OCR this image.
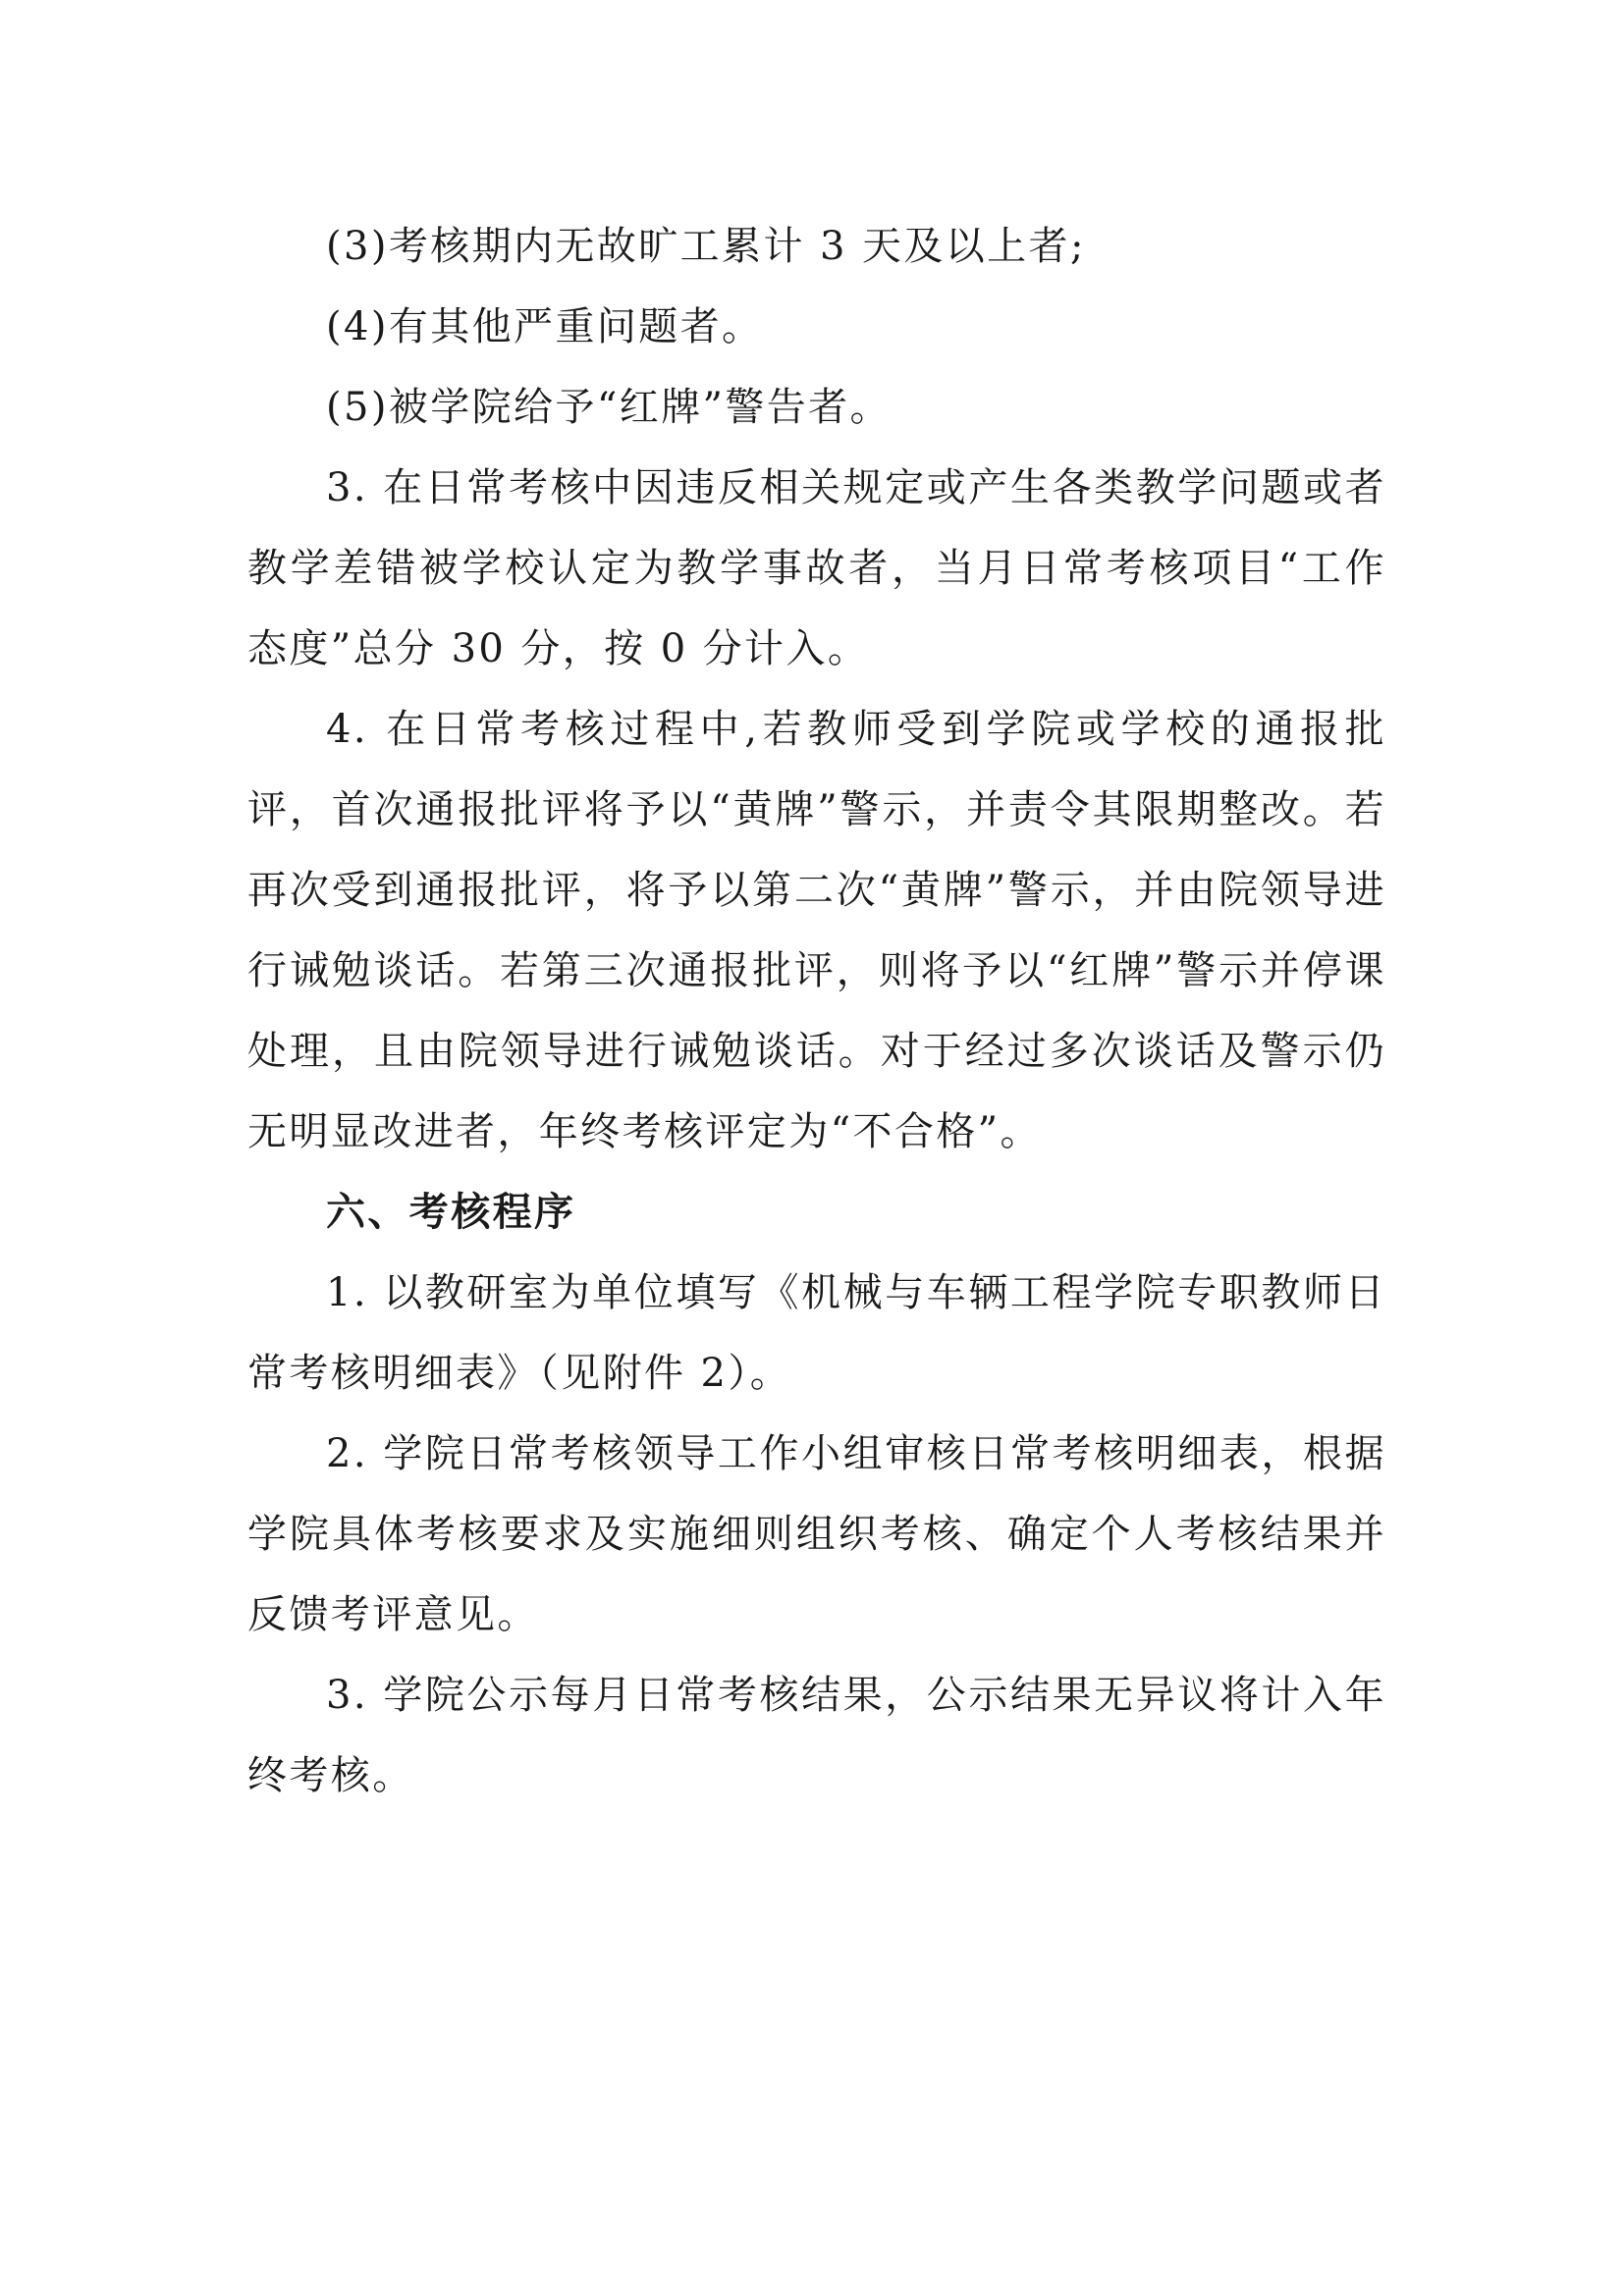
(3)考核期内无故旷工累计 3 天及以上者;

(4)有其他严重问题者。

(5)被学院给予“红牌”警告者。

3. 在日常考核中因违反相关规定或产生各类教学问题或者教学差错被学校认定为教学事故者，当月日常考核项目“工作态度”总分 30 分，按 0 分计入。

4. 在日常考核过程中,若教师受到学院或学校的通报批评，首次通报批评将予以“黄牌”警示，并责令其限期整改。若再次受到通报批评，将予以第二次“黄牌”警示，并由院领导进行诫勉谈话。若第三次通报批评，则将予以“红牌”警示并停课处理，且由院领导进行诫勉谈话。对于经过多次谈话及警示仍无明显改进者，年终考核评定为“不合格”。

六、考核程序

1. 以教研室为单位填写《机械与车辆工程学院专职教师日常考核明细表》（见附件 2）。

2. 学院日常考核领导工作小组审核日常考核明细表，根据学院具体考核要求及实施细则组织考核、确定个人考核结果并反馈考评意见。

3. 学院公示每月日常考核结果，公示结果无异议将计入年终考核。
